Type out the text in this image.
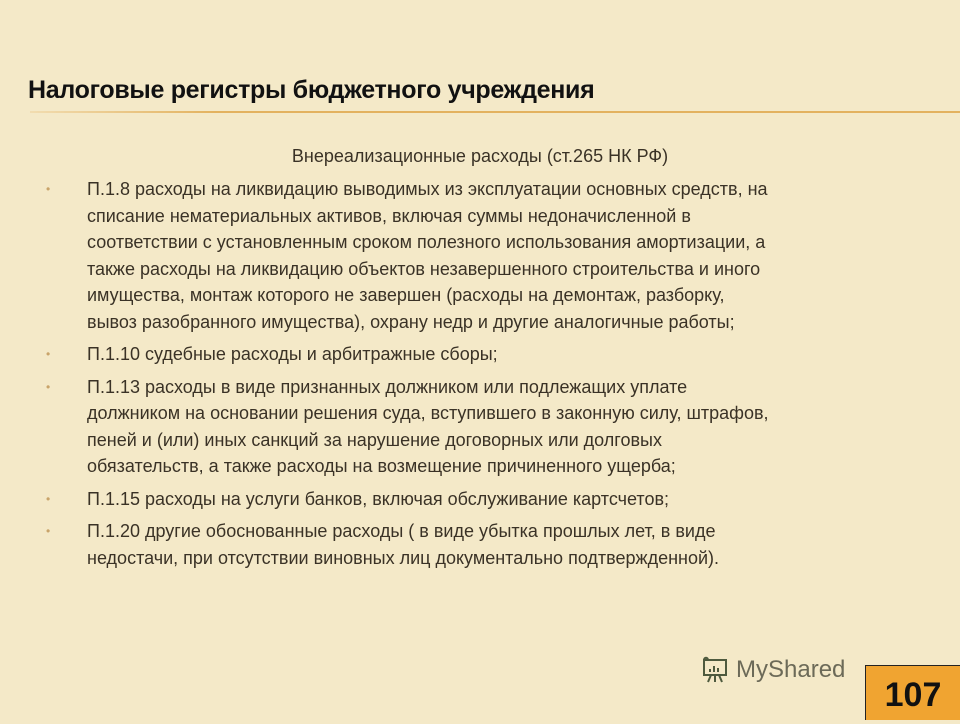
Налоговые регистры бюджетного учреждения
Внереализационные расходы (ст.265 НК РФ)
• П.1.8 расходы на ликвидацию выводимых из эксплуатации основных средств, на
списание нематериальных активов, включая суммы недоначисленной в
соответствии с установленным сроком полезного использования амортизации, а
также расходы на ликвидацию объектов незавершенного строительства и иного
имущества, монтаж которого не завершен (расходы на демонтаж, разборку,
вывоз разобранного имущества), охрану недр и другие аналогичные работы;
• П.1.10 судебные расходы и арбитражные сборы;
• П.1.13 расходы в виде признанных должником или подлежащих уплате
должником на основании решения суда, вступившего в законную силу, штрафов,
пеней и (или) иных санкций за нарушение договорных или долговых
обязательств, а также расходы на возмещение причиненного ущерба;
• П.1.15 расходы на услуги банков, включая обслуживание картсчетов;
• П.1.20 другие обоснованные расходы ( в виде убытка прошлых лет, в виде
недостачи, при отсутствии виновных лиц документально подтвержденной).
MyShared
107
